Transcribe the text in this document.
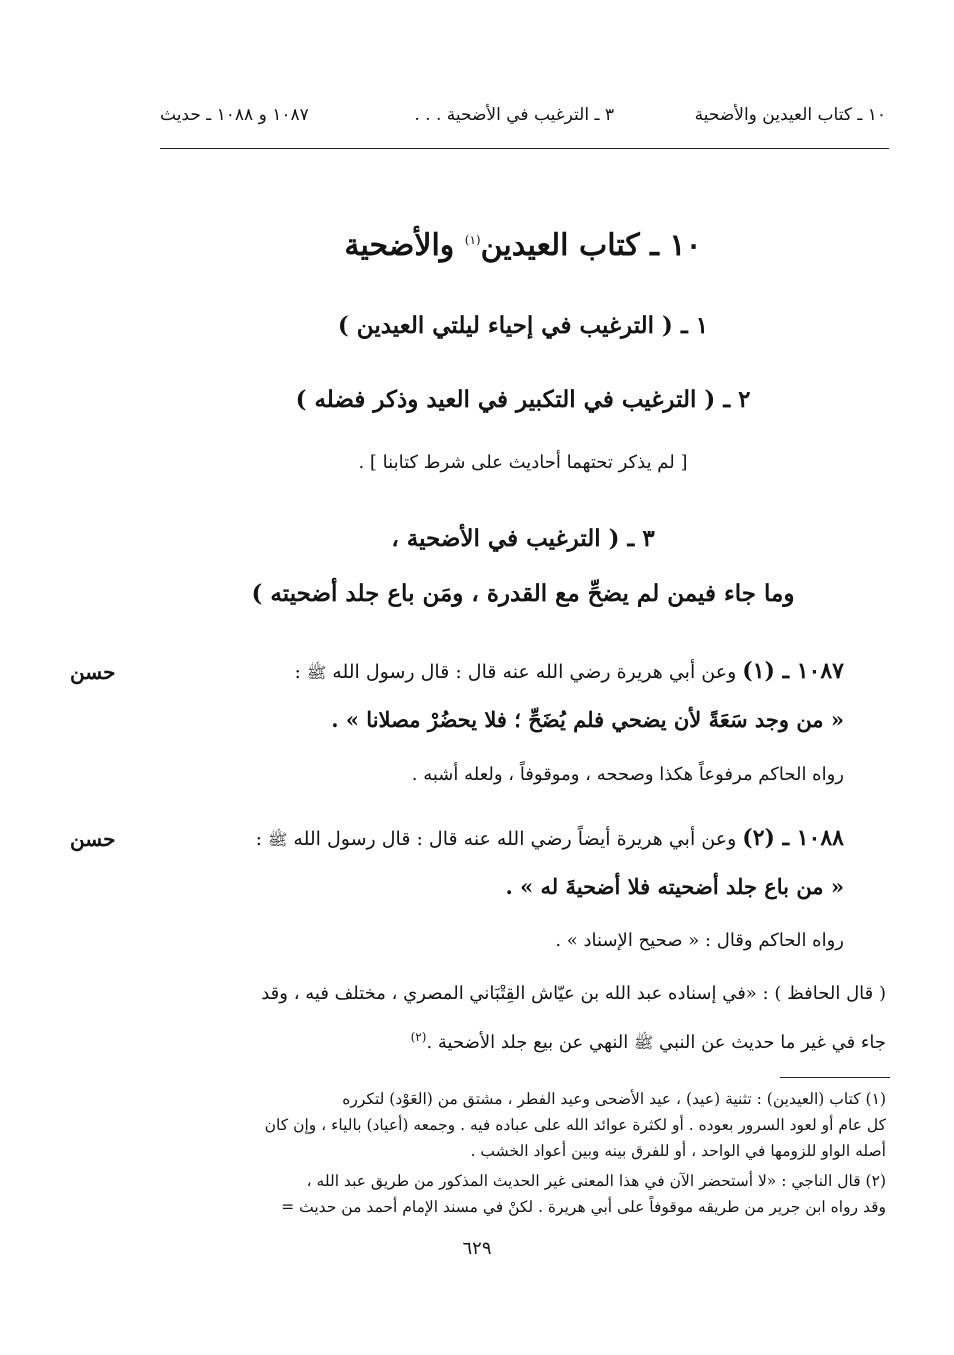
١٠ ـ كتاب العيدين والأضحية
٣ ـ الترغيب في الأضحية . . .
١٠٨٧ و ١٠٨٨ ـ حديث
١٠ ـ كتاب العيدين$^{(١)}$ والأضحية
١ ـ ( الترغيب في إحياء ليلتي العيدين )
٢ ـ ( الترغيب في التكبير في العيد وذكر فضله )
[ لم يذكر تحتهما أحاديث على شرط كتابنا ] .
٣ ـ ( الترغيب في الأضحية ،
وما جاء فيمن لم يضحِّ مع القدرة ، ومَن باع جلد أضحيته )
١٠٨٧ ـ (١) وعن أبي هريرة رضي الله عنه قال : قال رسول الله ﷺ :
حسن
« من وجد سَعَةً لأن يضحي فلم يُضَحِّ ؛ فلا يحضُرْ مصلانا » .
رواه الحاكم مرفوعاً هكذا وصححه ، وموقوفاً ، ولعله أشبه .
١٠٨٨ ـ (٢) وعن أبي هريرة أيضاً رضي الله عنه قال : قال رسول الله ﷺ :
حسن
« من باع جلد أضحيته فلا أضحيةَ له » .
رواه الحاكم وقال : « صحيح الإسناد » .
( قال الحافظ ) : «في إسناده عبد الله بن عيّاش القِتْبَاني المصري ، مختلف فيه ، وقد
جاء في غير ما حديث عن النبي ﷺ النهي عن بيع جلد الأضحية .$^{(٢)}$
(١) كتاب (العيدين) : تثنية (عيد) ، عيد الأضحى وعيد الفطر ، مشتق من (العَوْد) لتكرره
كل عام أو لعود السرور بعوده . أو لكثرة عوائد الله على عباده فيه . وجمعه (أعياد) بالياء ، وإن كان
أصله الواو للزومها في الواحد ، أو للفرق بينه وبين أعواد الخشب .
(٢) قال الناجي : «لا أستحضر الآن في هذا المعنى غير الحديث المذكور من طريق عبد الله ،
وقد رواه ابن جرير من طريقه موقوفاً على أبي هريرة . لكنْ في مسند الإمام أحمد من حديث =
٦٢٩
